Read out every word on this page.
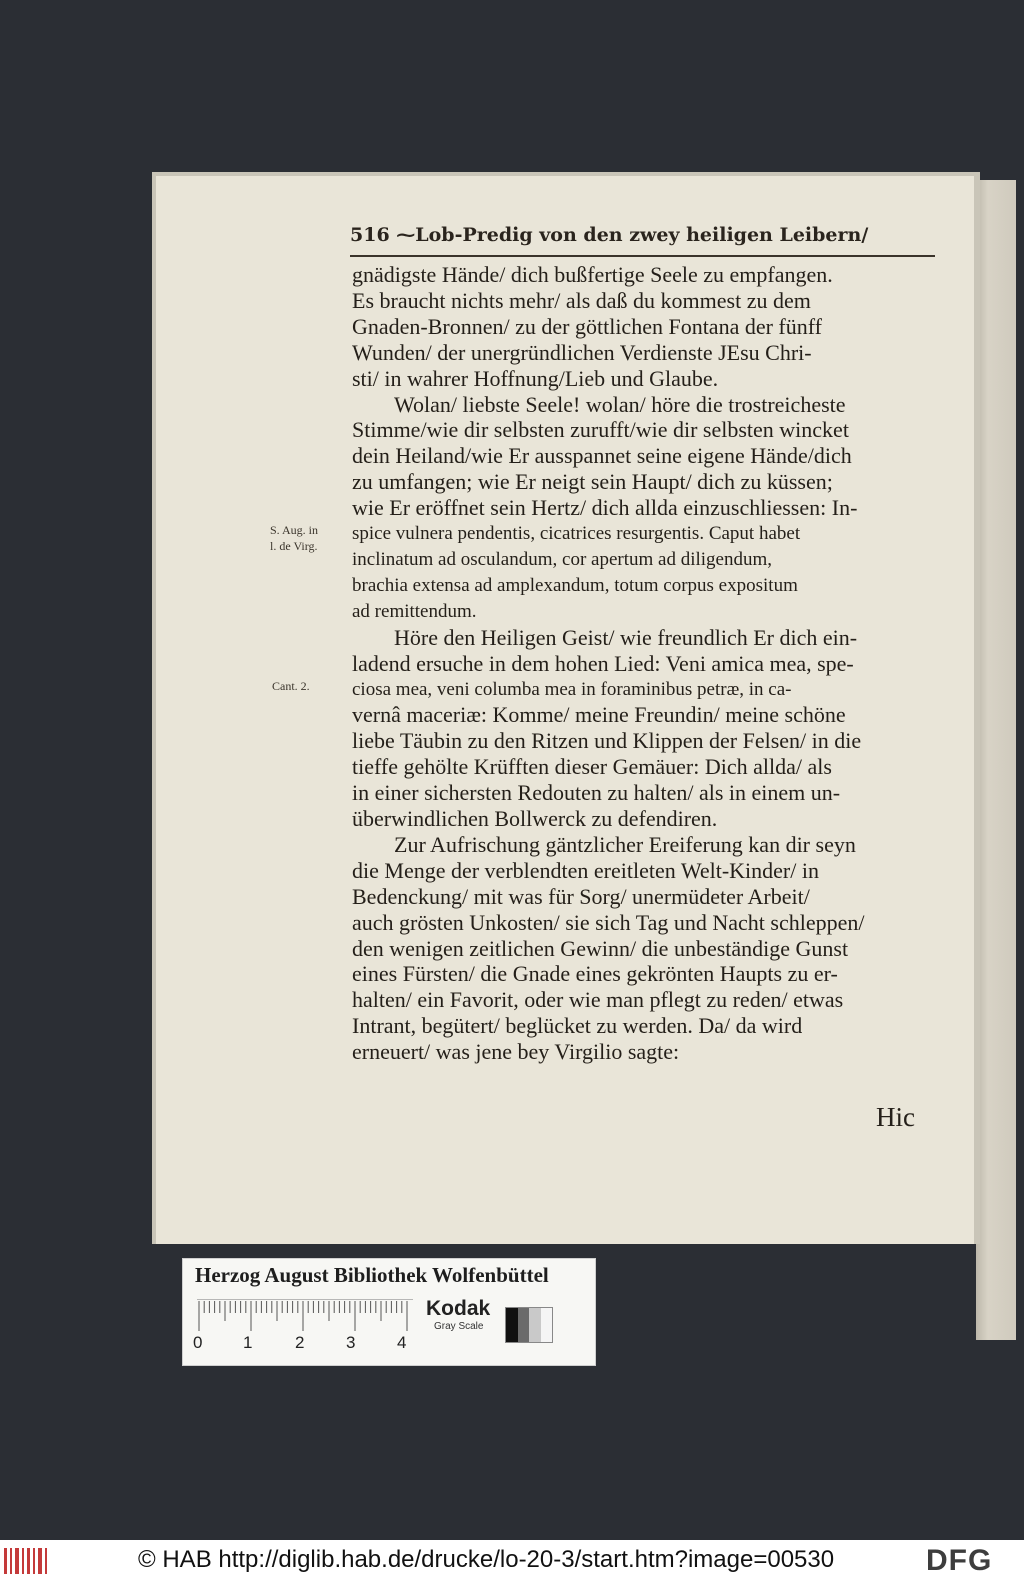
516 ⁓Lob-Predig von den zwey heiligen Leibern/
S. Aug. in
l. de Virg.
Cant. 2.
gnädigste Hände/ dich bußfertige Seele zu empfangen.
Es braucht nichts mehr/ als daß du kommest zu dem
Gnaden-Bronnen/ zu der göttlichen Fontana der fünff
Wunden/ der unergründlichen Verdienste JEsu Chri-
sti/ in wahrer Hoffnung/Lieb und Glaube.
Wolan/ liebste Seele! wolan/ höre die trostreicheste
Stimme/wie dir selbsten zurufft/wie dir selbsten wincket
dein Heiland/wie Er ausspannet seine eigene Hände/dich
zu umfangen; wie Er neigt sein Haupt/ dich zu küssen;
wie Er eröffnet sein Hertz/ dich allda einzuschliessen: In-
spice vulnera pendentis, cicatrices resurgentis. Caput habet
inclinatum ad osculandum, cor apertum ad diligendum,
brachia extensa ad amplexandum, totum corpus expositum
ad remittendum.
Höre den Heiligen Geist/ wie freundlich Er dich ein-
ladend ersuche in dem hohen Lied: Veni amica mea, spe-
ciosa mea, veni columba mea in foraminibus petræ, in ca-
vernâ maceriæ: Komme/ meine Freundin/ meine schöne
liebe Täubin zu den Ritzen und Klippen der Felsen/ in die
tieffe gehölte Krüfften dieser Gemäuer: Dich allda/ als
in einer sichersten Redouten zu halten/ als in einem un-
überwindlichen Bollwerck zu defendiren.
Zur Aufrischung gäntzlicher Ereiferung kan dir seyn
die Menge der verblendten ereitleten Welt-Kinder/ in
Bedenckung/ mit was für Sorg/ unermüdeter Arbeit/
auch grösten Unkosten/ sie sich Tag und Nacht schleppen/
den wenigen zeitlichen Gewinn/ die unbeständige Gunst
eines Fürsten/ die Gnade eines gekrönten Haupts zu er-
halten/ ein Favorit, oder wie man pflegt zu reden/ etwas
Intrant, begütert/ beglücket zu werden. Da/ da wird
erneuert/ was jene bey Virgilio sagte:
Hic
Herzog August Bibliothek Wolfenbüttel
0 1	2 3 4
Kodak
Gray Scale
© HAB http://diglib.hab.de/drucke/lo-20-3/start.htm?image=00530	DFG
